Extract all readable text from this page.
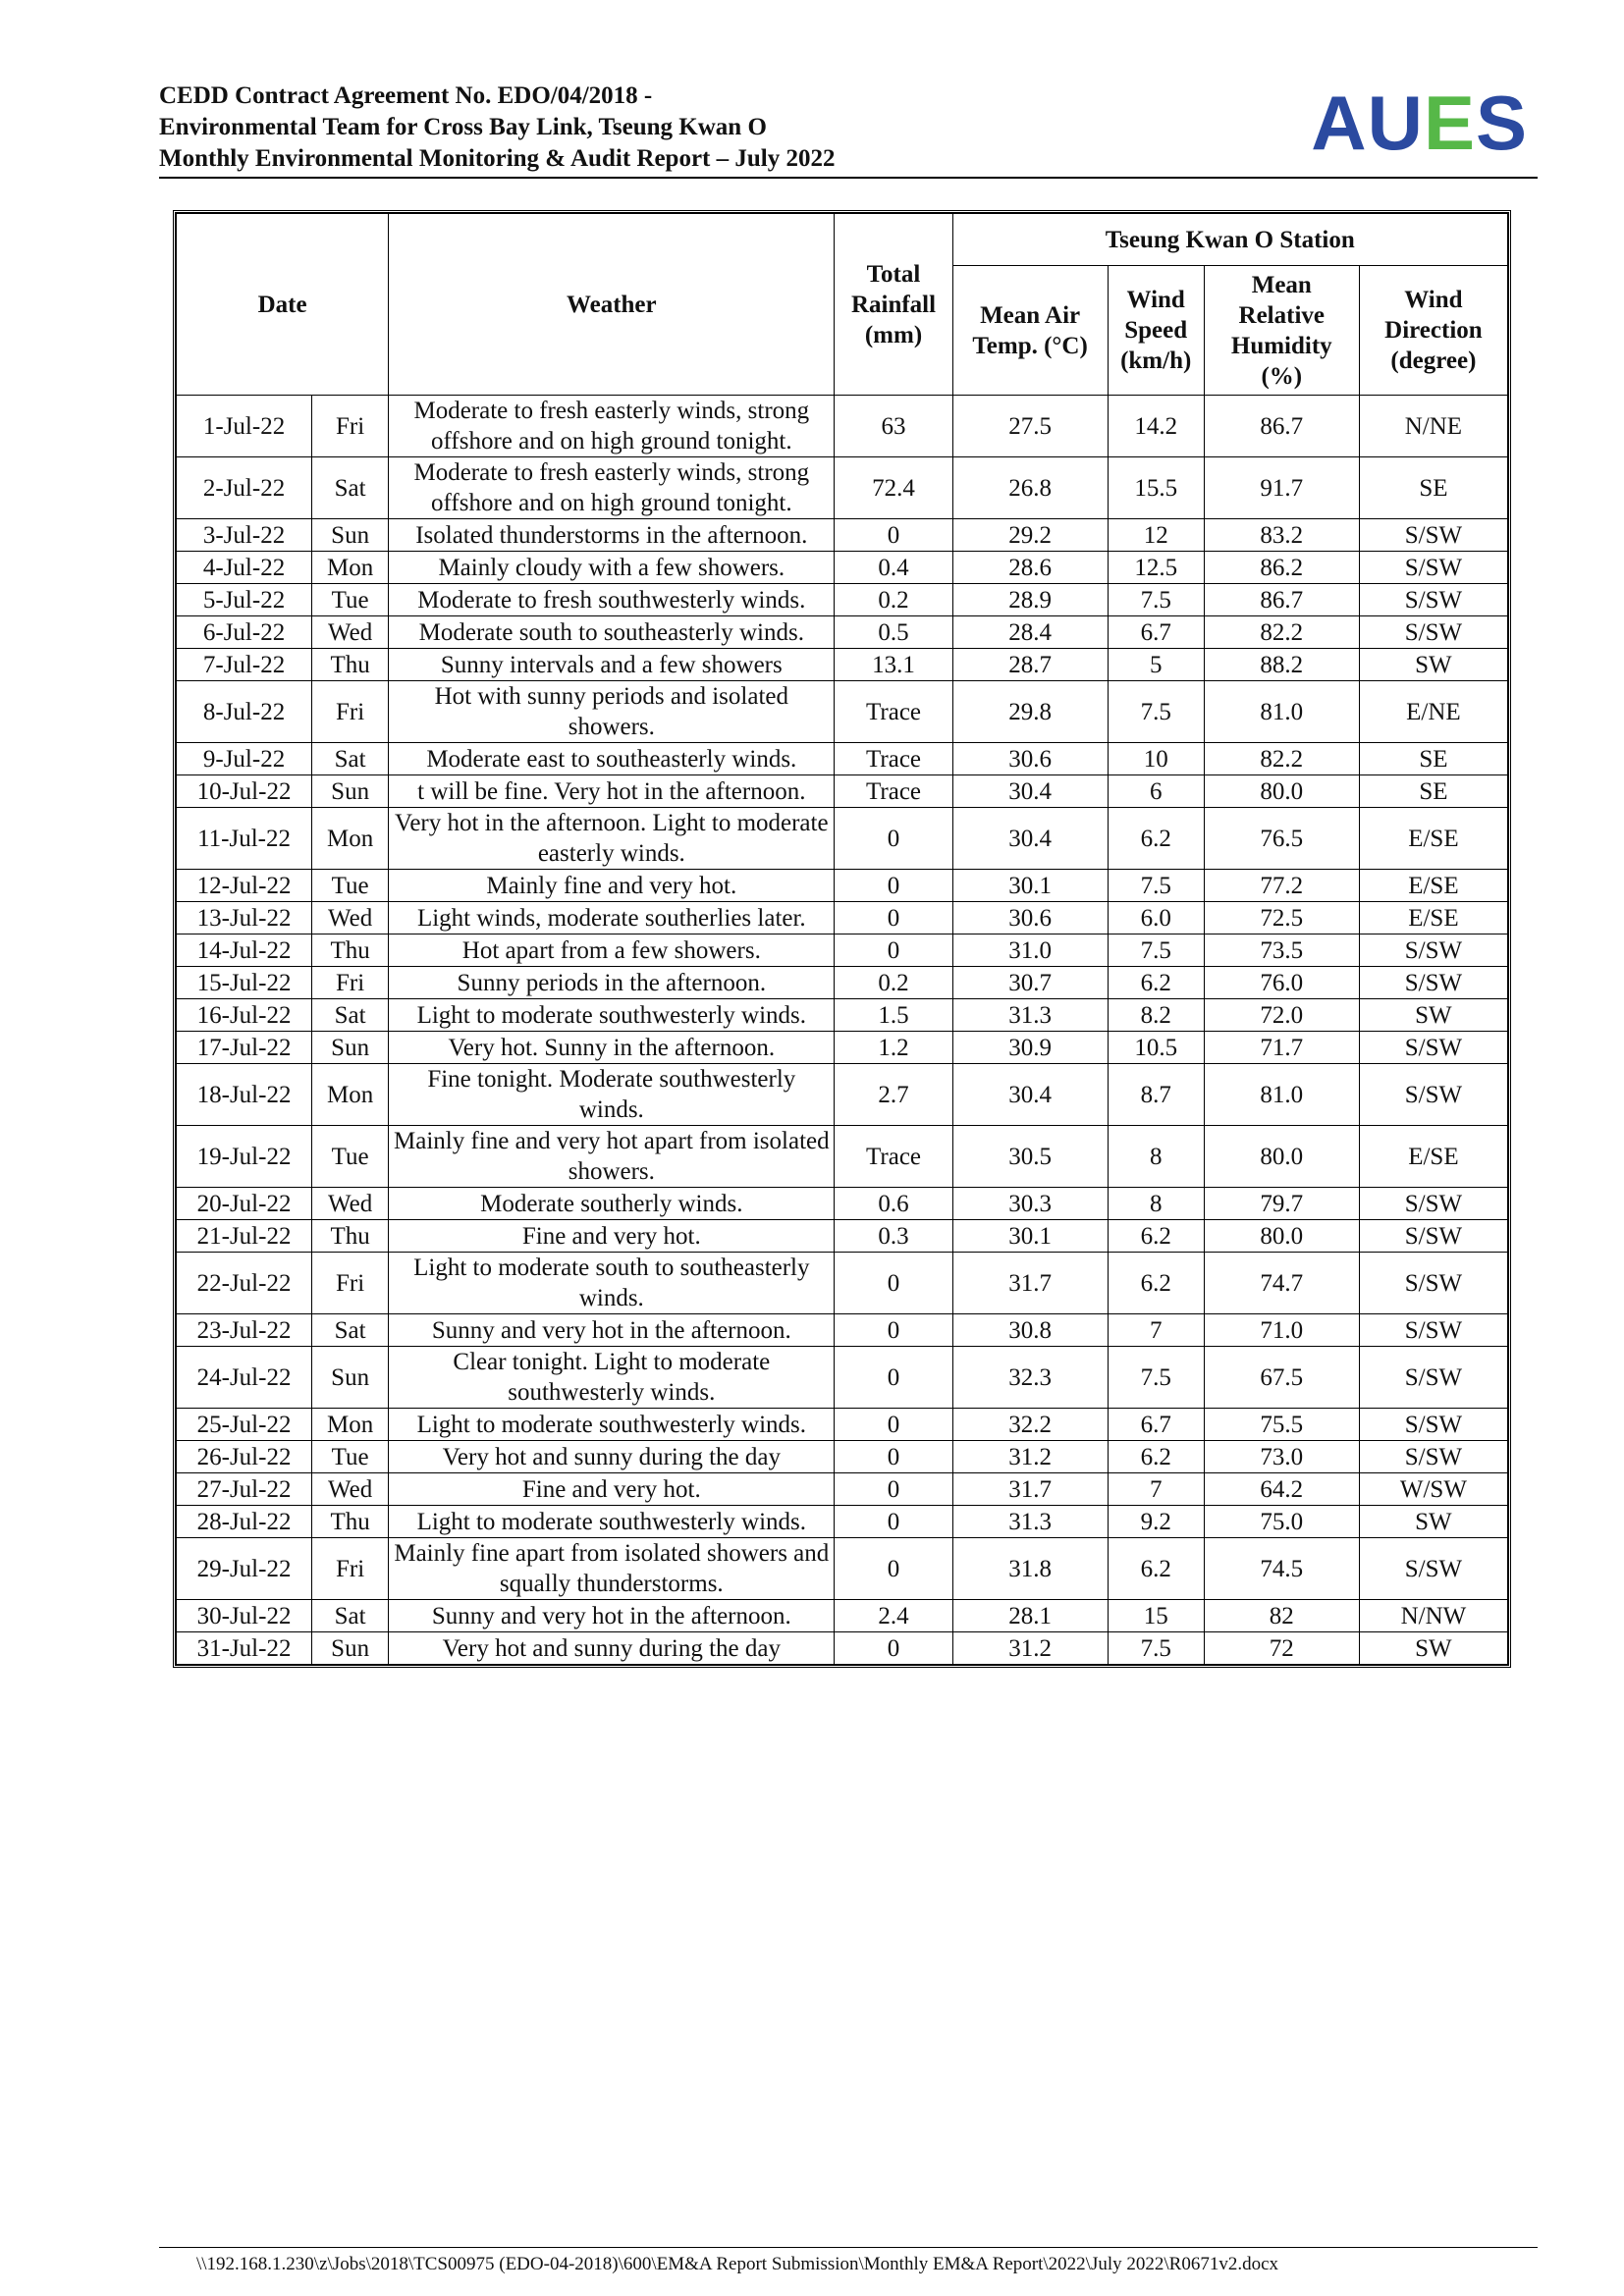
CEDD Contract Agreement No. EDO/04/2018 -
Environmental Team for Cross Bay Link, Tseung Kwan O
Monthly Environmental Monitoring & Audit Report – July 2022	AUES
Date		Weather	Total Rainfall (mm)	Tseung Kwan O Station			
				Mean Air Temp. (°C)	Wind Speed (km/h)	Mean Relative Humidity (%)	Wind Direction (degree)
1-Jul-22	Fri	Moderate to fresh easterly winds, strong offshore and on high ground tonight.	63	27.5	14.2	86.7	N/NE
2-Jul-22	Sat	Moderate to fresh easterly winds, strong offshore and on high ground tonight.	72.4	26.8	15.5	91.7	SE
3-Jul-22	Sun	Isolated thunderstorms in the afternoon.	0	29.2	12	83.2	S/SW
4-Jul-22	Mon	Mainly cloudy with a few showers.	0.4	28.6	12.5	86.2	S/SW
5-Jul-22	Tue	Moderate to fresh southwesterly winds.	0.2	28.9	7.5	86.7	S/SW
6-Jul-22	Wed	Moderate south to southeasterly winds.	0.5	28.4	6.7	82.2	S/SW
7-Jul-22	Thu	Sunny intervals and a few showers	13.1	28.7	5	88.2	SW
8-Jul-22	Fri	Hot with sunny periods and isolated showers.	Trace	29.8	7.5	81.0	E/NE
9-Jul-22	Sat	Moderate east to southeasterly winds.	Trace	30.6	10	82.2	SE
10-Jul-22	Sun	t will be fine. Very hot in the afternoon.	Trace	30.4	6	80.0	SE
11-Jul-22	Mon	Very hot in the afternoon. Light to moderate easterly winds.	0	30.4	6.2	76.5	E/SE
12-Jul-22	Tue	Mainly fine and very hot.	0	30.1	7.5	77.2	E/SE
13-Jul-22	Wed	Light winds, moderate southerlies later.	0	30.6	6.0	72.5	E/SE
14-Jul-22	Thu	Hot apart from a few showers.	0	31.0	7.5	73.5	S/SW
15-Jul-22	Fri	Sunny periods in the afternoon.	0.2	30.7	6.2	76.0	S/SW
16-Jul-22	Sat	Light to moderate southwesterly winds.	1.5	31.3	8.2	72.0	SW
17-Jul-22	Sun	Very hot. Sunny in the afternoon.	1.2	30.9	10.5	71.7	S/SW
18-Jul-22	Mon	Fine tonight. Moderate southwesterly winds.	2.7	30.4	8.7	81.0	S/SW
19-Jul-22	Tue	Mainly fine and very hot apart from isolated showers.	Trace	30.5	8	80.0	E/SE
20-Jul-22	Wed	Moderate southerly winds.	0.6	30.3	8	79.7	S/SW
21-Jul-22	Thu	Fine and very hot.	0.3	30.1	6.2	80.0	S/SW
22-Jul-22	Fri	Light to moderate south to southeasterly winds.	0	31.7	6.2	74.7	S/SW
23-Jul-22	Sat	Sunny and very hot in the afternoon.	0	30.8	7	71.0	S/SW
24-Jul-22	Sun	Clear tonight. Light to moderate southwesterly winds.	0	32.3	7.5	67.5	S/SW
25-Jul-22	Mon	Light to moderate southwesterly winds.	0	32.2	6.7	75.5	S/SW
26-Jul-22	Tue	Very hot and sunny during the day	0	31.2	6.2	73.0	S/SW
27-Jul-22	Wed	Fine and very hot.	0	31.7	7	64.2	W/SW
28-Jul-22	Thu	Light to moderate southwesterly winds.	0	31.3	9.2	75.0	SW
29-Jul-22	Fri	Mainly fine apart from isolated showers and squally thunderstorms.	0	31.8	6.2	74.5	S/SW
30-Jul-22	Sat	Sunny and very hot in the afternoon.	2.4	28.1	15	82	N/NW
31-Jul-22	Sun	Very hot and sunny during the day	0	31.2	7.5	72	SW
\\192.168.1.230\z\Jobs\2018\TCS00975 (EDO-04-2018)\600\EM&A Report Submission\Monthly EM&A Report\2022\July 2022\R0671v2.docx
